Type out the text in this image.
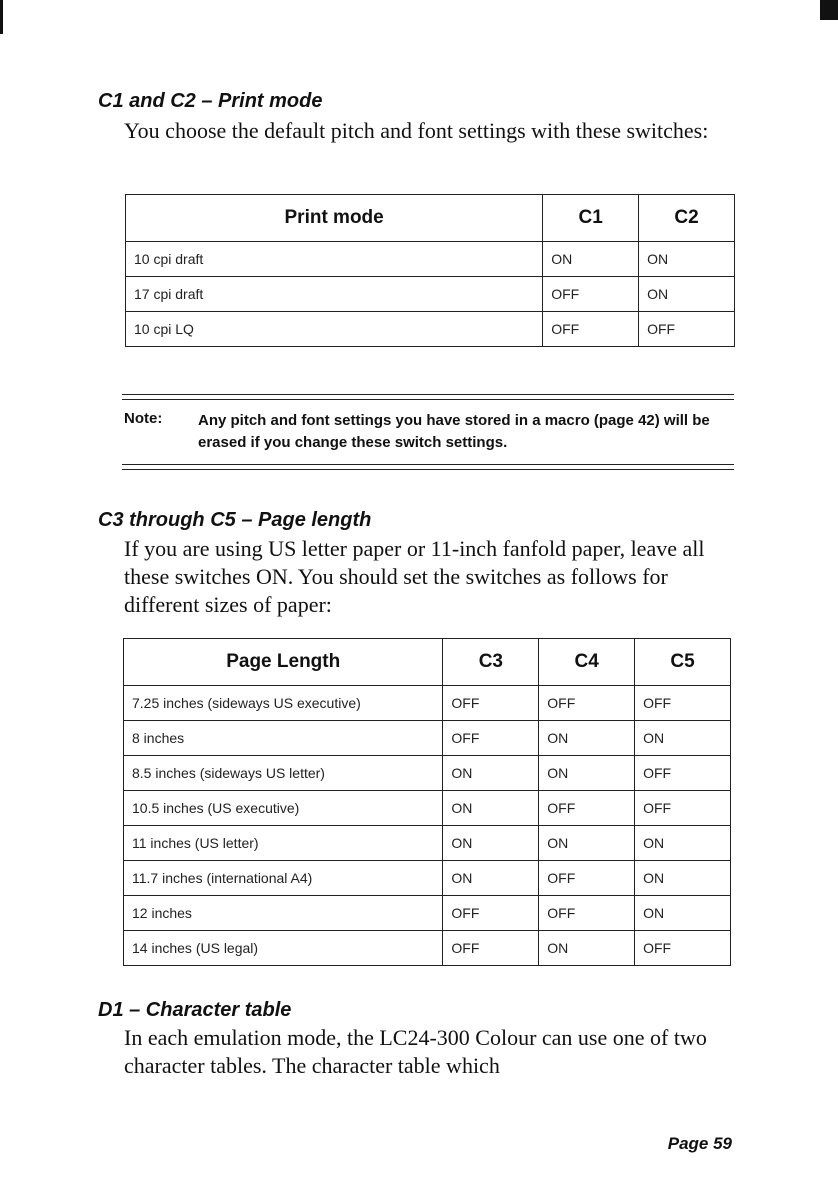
C1 and C2 – Print mode

You choose the default pitch and font settings with these switches:

Print mode	C1	C2
10 cpi draft	ON	ON
17 cpi draft	OFF	ON
10 cpi LQ	OFF	OFF
Note: Any pitch and font settings you have stored in a macro (page 42) will be erased if you change these switch settings.
C3 through C5 – Page length

If you are using US letter paper or 11-inch fanfold paper, leave all these switches ON. You should set the switches as follows for different sizes of paper:

Page Length	C3	C4	C5
7.25 inches (sideways US executive)	OFF	OFF	OFF
8 inches	OFF	ON	ON
8.5 inches (sideways US letter)	ON	ON	OFF
10.5 inches (US executive)	ON	OFF	OFF
11 inches (US letter)	ON	ON	ON
11.7 inches (international A4)	ON	OFF	ON
12 inches	OFF	OFF	ON
14 inches (US legal)	OFF	ON	OFF
D1 – Character table

In each emulation mode, the LC24-300 Colour can use one of two character tables. The character table which

Page 59
